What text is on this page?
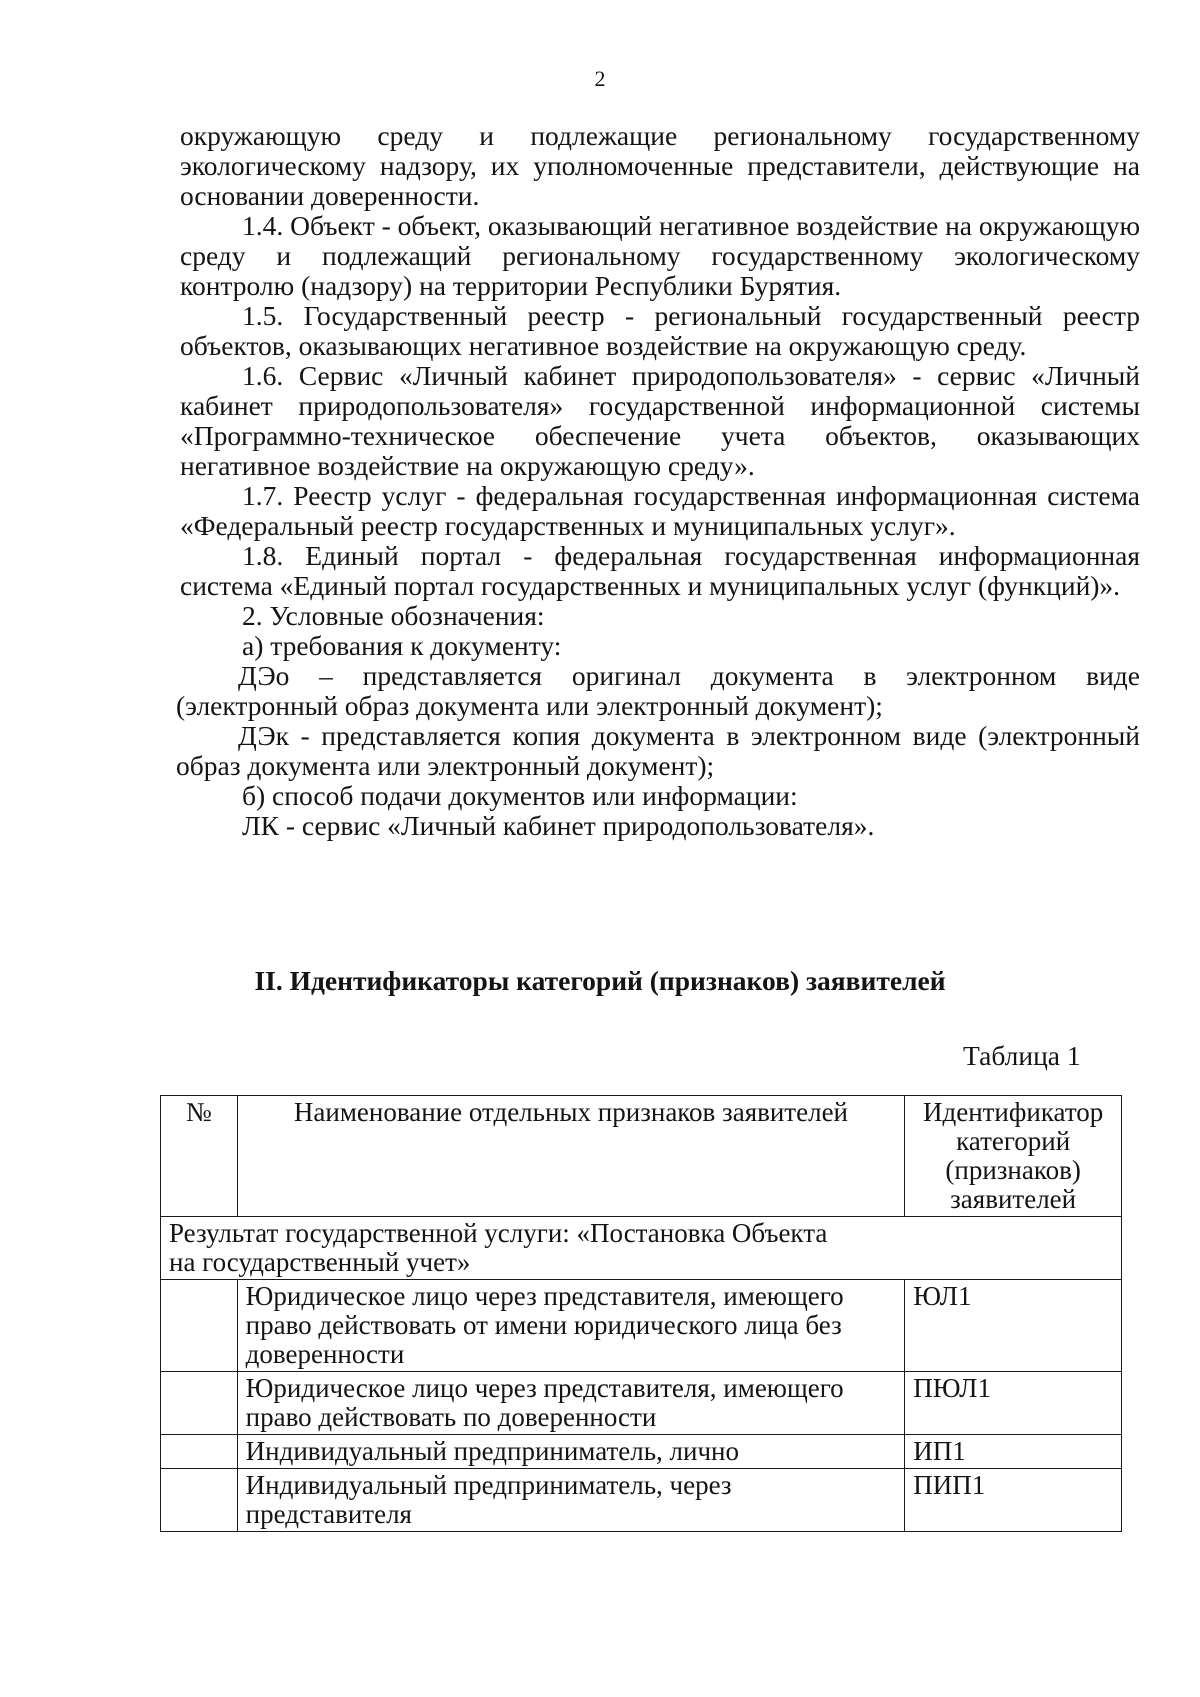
2

окружающую среду и подлежащие региональному государственному экологическому надзору, их уполномоченные представители, действующие на основании доверенности.

1.4. Объект - объект, оказывающий негативное воздействие на окружающую среду и подлежащий региональному государственному экологическому контролю (надзору) на территории Республики Бурятия.

1.5. Государственный реестр - региональный государственный реестр объектов, оказывающих негативное воздействие на окружающую среду.

1.6. Сервис «Личный кабинет природопользователя» - сервис «Личный кабинет природопользователя» государственной информационной системы «Программно-техническое обеспечение учета объектов, оказывающих негативное воздействие на окружающую среду».

1.7. Реестр услуг - федеральная государственная информационная система «Федеральный реестр государственных и муниципальных услуг».

1.8. Единый портал - федеральная государственная информационная система «Единый портал государственных и муниципальных услуг (функций)».

2. Условные обозначения:

а) требования к документу:

ДЭо – представляется оригинал документа в электронном виде (электронный образ документа или электронный документ);

ДЭк - представляется копия документа в электронном виде (электронный образ документа или электронный документ);

б) способ подачи документов или информации:

ЛК - сервис «Личный кабинет природопользователя».

II. Идентификаторы категорий (признаков) заявителей
Таблица 1
№	Наименование отдельных признаков заявителей	Идентификатор категорий (признаков) заявителей

Результат государственной услуги: «Постановка Объекта на государственный учет»		

	Юридическое лицо через представителя, имеющего право действовать от имени юридического лица без доверенности	ЮЛ1
	Юридическое лицо через представителя, имеющего право действовать по доверенности	ПЮЛ1
	Индивидуальный предприниматель, лично	ИП1
	Индивидуальный предприниматель, через представителя	ПИП1
